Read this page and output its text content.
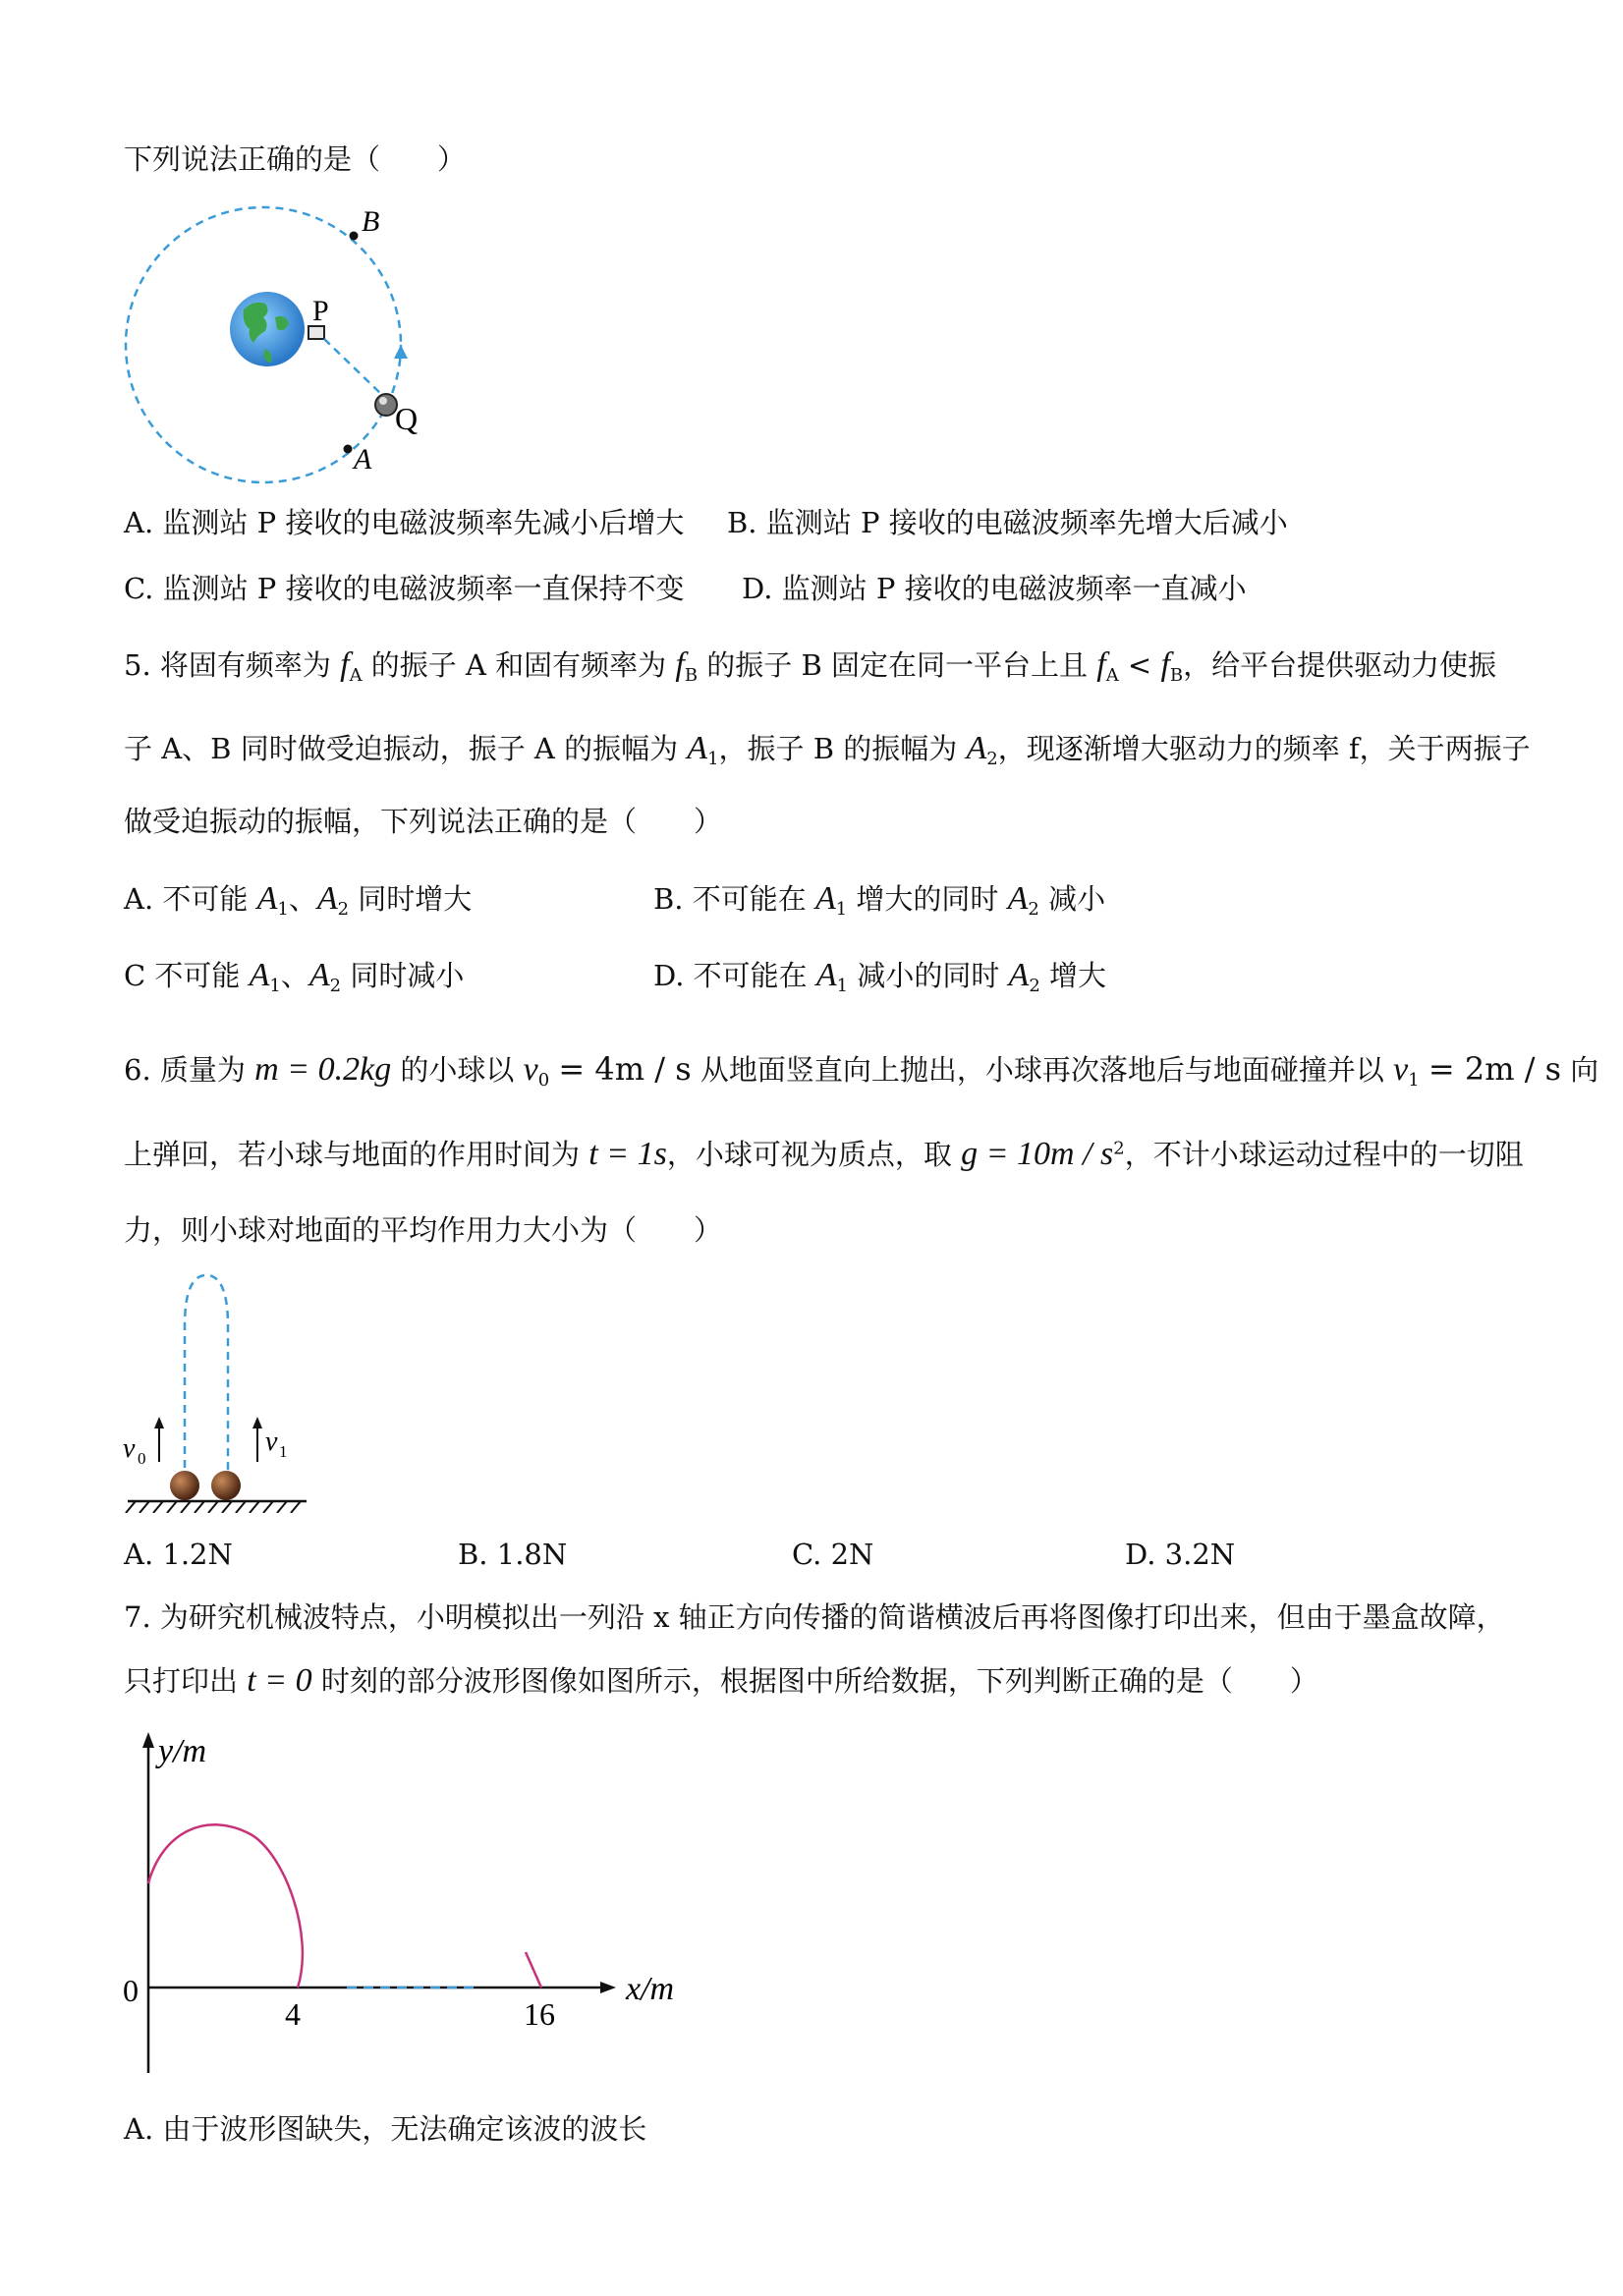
下列说法正确的是（　　）
P
Q
B
A
A. 监测站 P 接收的电磁波频率先减小后增大 B. 监测站 P 接收的电磁波频率先增大后减小
C. 监测站 P 接收的电磁波频率一直保持不变 D. 监测站 P 接收的电磁波频率一直减小
5. 将固有频率为 $f_A$ 的振子 A 和固有频率为 $f_B$ 的振子 B 固定在同一平台上且 $f_A < f_B$，给平台提供驱动力使振
子 A、B 同时做受迫振动，振子 A 的振幅为 $A_1$，振子 B 的振幅为 $A_2$，现逐渐增大驱动力的频率 f，关于两振子
做受迫振动的振幅，下列说法正确的是（　　）
A. 不可能 $A_1$、$A_2$ 同时增大	B. 不可能在 $A_1$ 增大的同时 $A_2$ 减小
C 不可能 $A_1$、$A_2$ 同时减小	D. 不可能在 $A_1$ 减小的同时 $A_2$ 增大
6. 质量为 m = 0.2kg 的小球以 $v_0 = 4m / s$ 从地面竖直向上抛出，小球再次落地后与地面碰撞并以 $v_1 = 2m / s$ 向
上弹回，若小球与地面的作用时间为 t = 1s，小球可视为质点，取 $g = 10m / s^2$，不计小球运动过程中的一切阻
力，则小球对地面的平均作用力大小为（　　）
v 0
v 1
A. 1.2N	B. 1.8N	C. 2N	D. 3.2N
7. 为研究机械波特点，小明模拟出一列沿 x 轴正方向传播的简谐横波后再将图像打印出来，但由于墨盒故障，
只打印出 t = 0 时刻的部分波形图像如图所示，根据图中所给数据，下列判断正确的是（　　）
y/m
x/m
0
4	16
A. 由于波形图缺失，无法确定该波的波长
